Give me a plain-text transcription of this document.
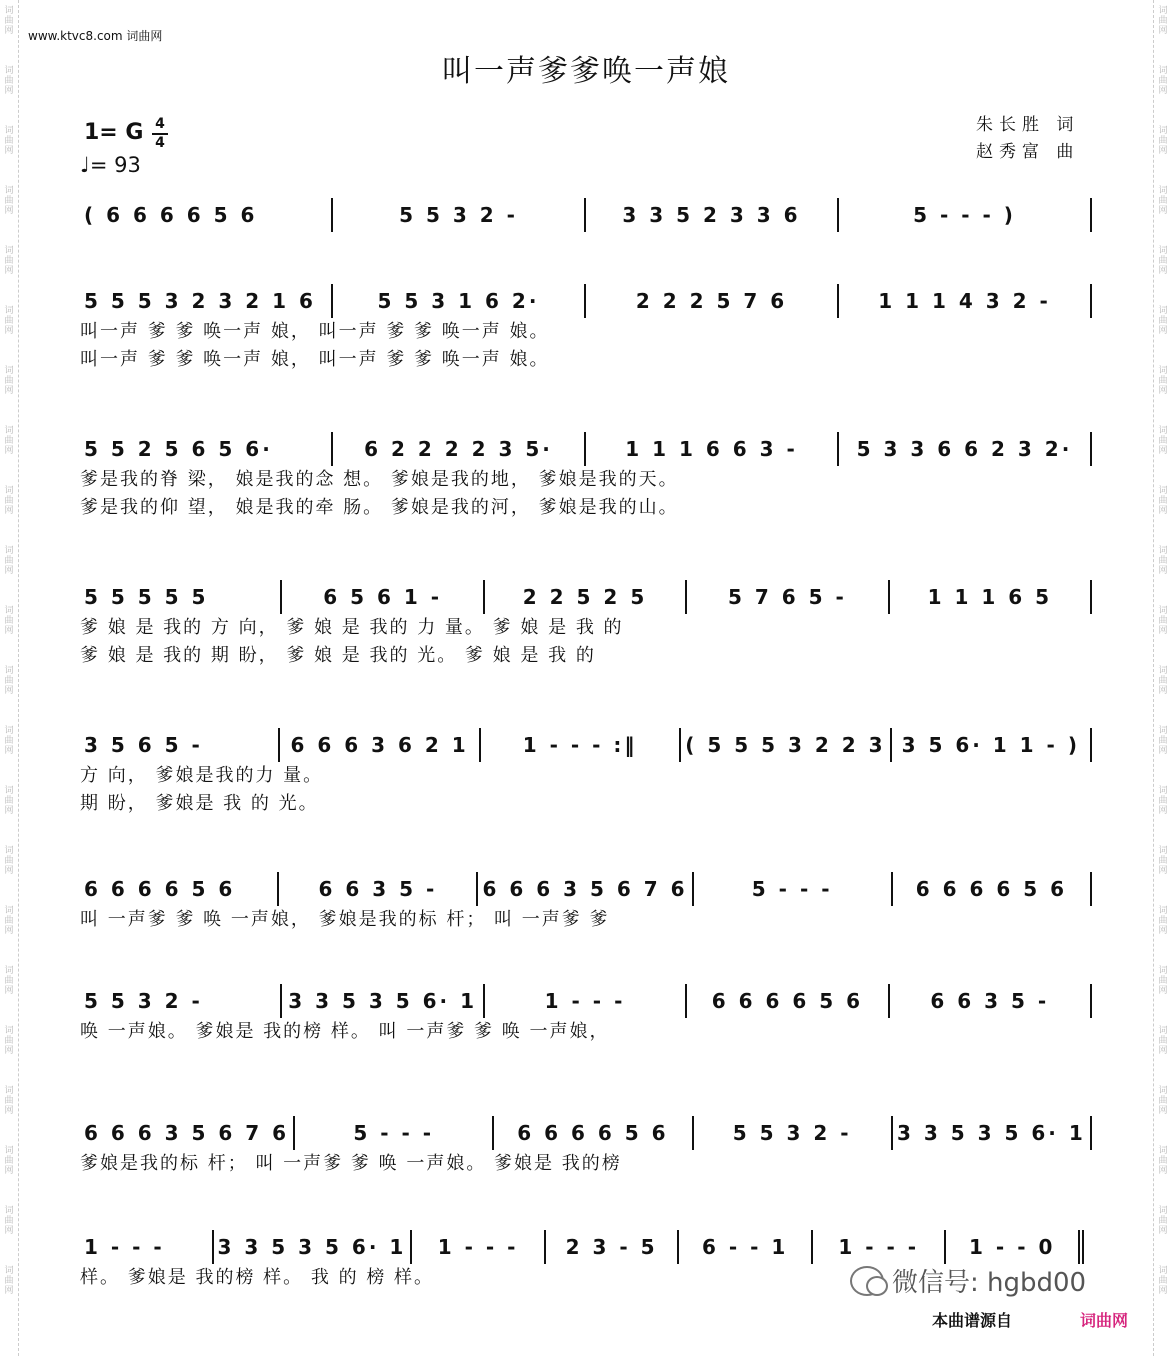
词
曲
网
词
曲
网
词
曲
网
词
曲
网
词
曲
网
词
曲
网
词
曲
网
词
曲
网
词
曲
网
词
曲
网
词
曲
网
词
曲
网
词
曲
网
词
曲
网
词
曲
网
词
曲
网
词
曲
网
词
曲
网
词
曲
网
词
曲
网
词
曲
网
词
曲
网
词
曲
网
词
曲
网
词
曲
网
词
曲
网
词
曲
网
词
曲
网
词
曲
网
词
曲
网
词
曲
网
词
曲
网
词
曲
网
词
曲
网
词
曲
网
词
曲
网
词
曲
网
词
曲
网
词
曲
网
词
曲
网
词
曲
网
词
曲
网
词
曲
网
词
曲
网
www.ktvc8.com 词曲网
叫一声爹爹唤一声娘
1= G 4
4
♩= 93
朱长胜 词
赵秀富 曲
( 6 6 6 6 5 6	5 5 3 2 -	3 3 5 2 3 3 6	5 - - - )
5 5 5 3 2 3 2 1 6	5 5 3 1 6 2·	2 2 2 5 7 6	1 1 1 4 3 2 -
叫一声 爹 爹 唤一声 娘， 叫一声 爹 爹 唤一声 娘。
叫一声 爹 爹 唤一声 娘， 叫一声 爹 爹 唤一声 娘。
5 5 2 5 6 5 6·	6 2 2 2 2 3 5·	1 1 1 6 6 3 -	5 3 3 6 6 2 3 2·
爹是我的脊 梁， 娘是我的念 想。 爹娘是我的地， 爹娘是我的天。
爹是我的仰 望， 娘是我的牵 肠。 爹娘是我的河， 爹娘是我的山。
5 5 5 5 5	6 5 6 1 -	2 2 5 2 5	5 7 6 5 -	1 1 1 6 5
爹 娘 是 我的 方 向， 爹 娘 是 我的 力 量。 爹 娘 是 我 的
爹 娘 是 我的 期 盼， 爹 娘 是 我的 光。 爹 娘 是 我 的
3 5 6 5 -	6 6 6 3 6 2 1	1 - - - :‖	( 5 5 5 3 2 2 3 3 5 6· 1 1 - )
方 向， 爹娘是我的力 量。
期 盼， 爹娘是 我 的 光。
6 6 6 6 5 6	6 6 3 5 -	6 6 6 3 5 6 7 6	5 - - -	6 6 6 6 5 6
叫 一声爹 爹 唤 一声娘， 爹娘是我的标 杆； 叫 一声爹 爹
5 5 3 2 -	3 3 5 3 5 6· 1	1 - - -	6 6 6 6 5 6	6 6 3 5 -
唤 一声娘。 爹娘是 我的榜 样。 叫 一声爹 爹 唤 一声娘，
6 6 6 3 5 6 7 6	5 - - -	6 6 6 6 5 6	5 5 3 2 -	3 3 5 3 5 6· 1
爹娘是我的标 杆； 叫 一声爹 爹 唤 一声娘。 爹娘是 我的榜
1 - - -	3 3 5 3 5 6· 1	1 - - -	2 3 - 5	6 - - 1	1 - - -	1 - - 0
样。 爹娘是 我的榜 样。 我 的 榜 样。	微信号: hgbd00
本曲谱源自	词曲网
